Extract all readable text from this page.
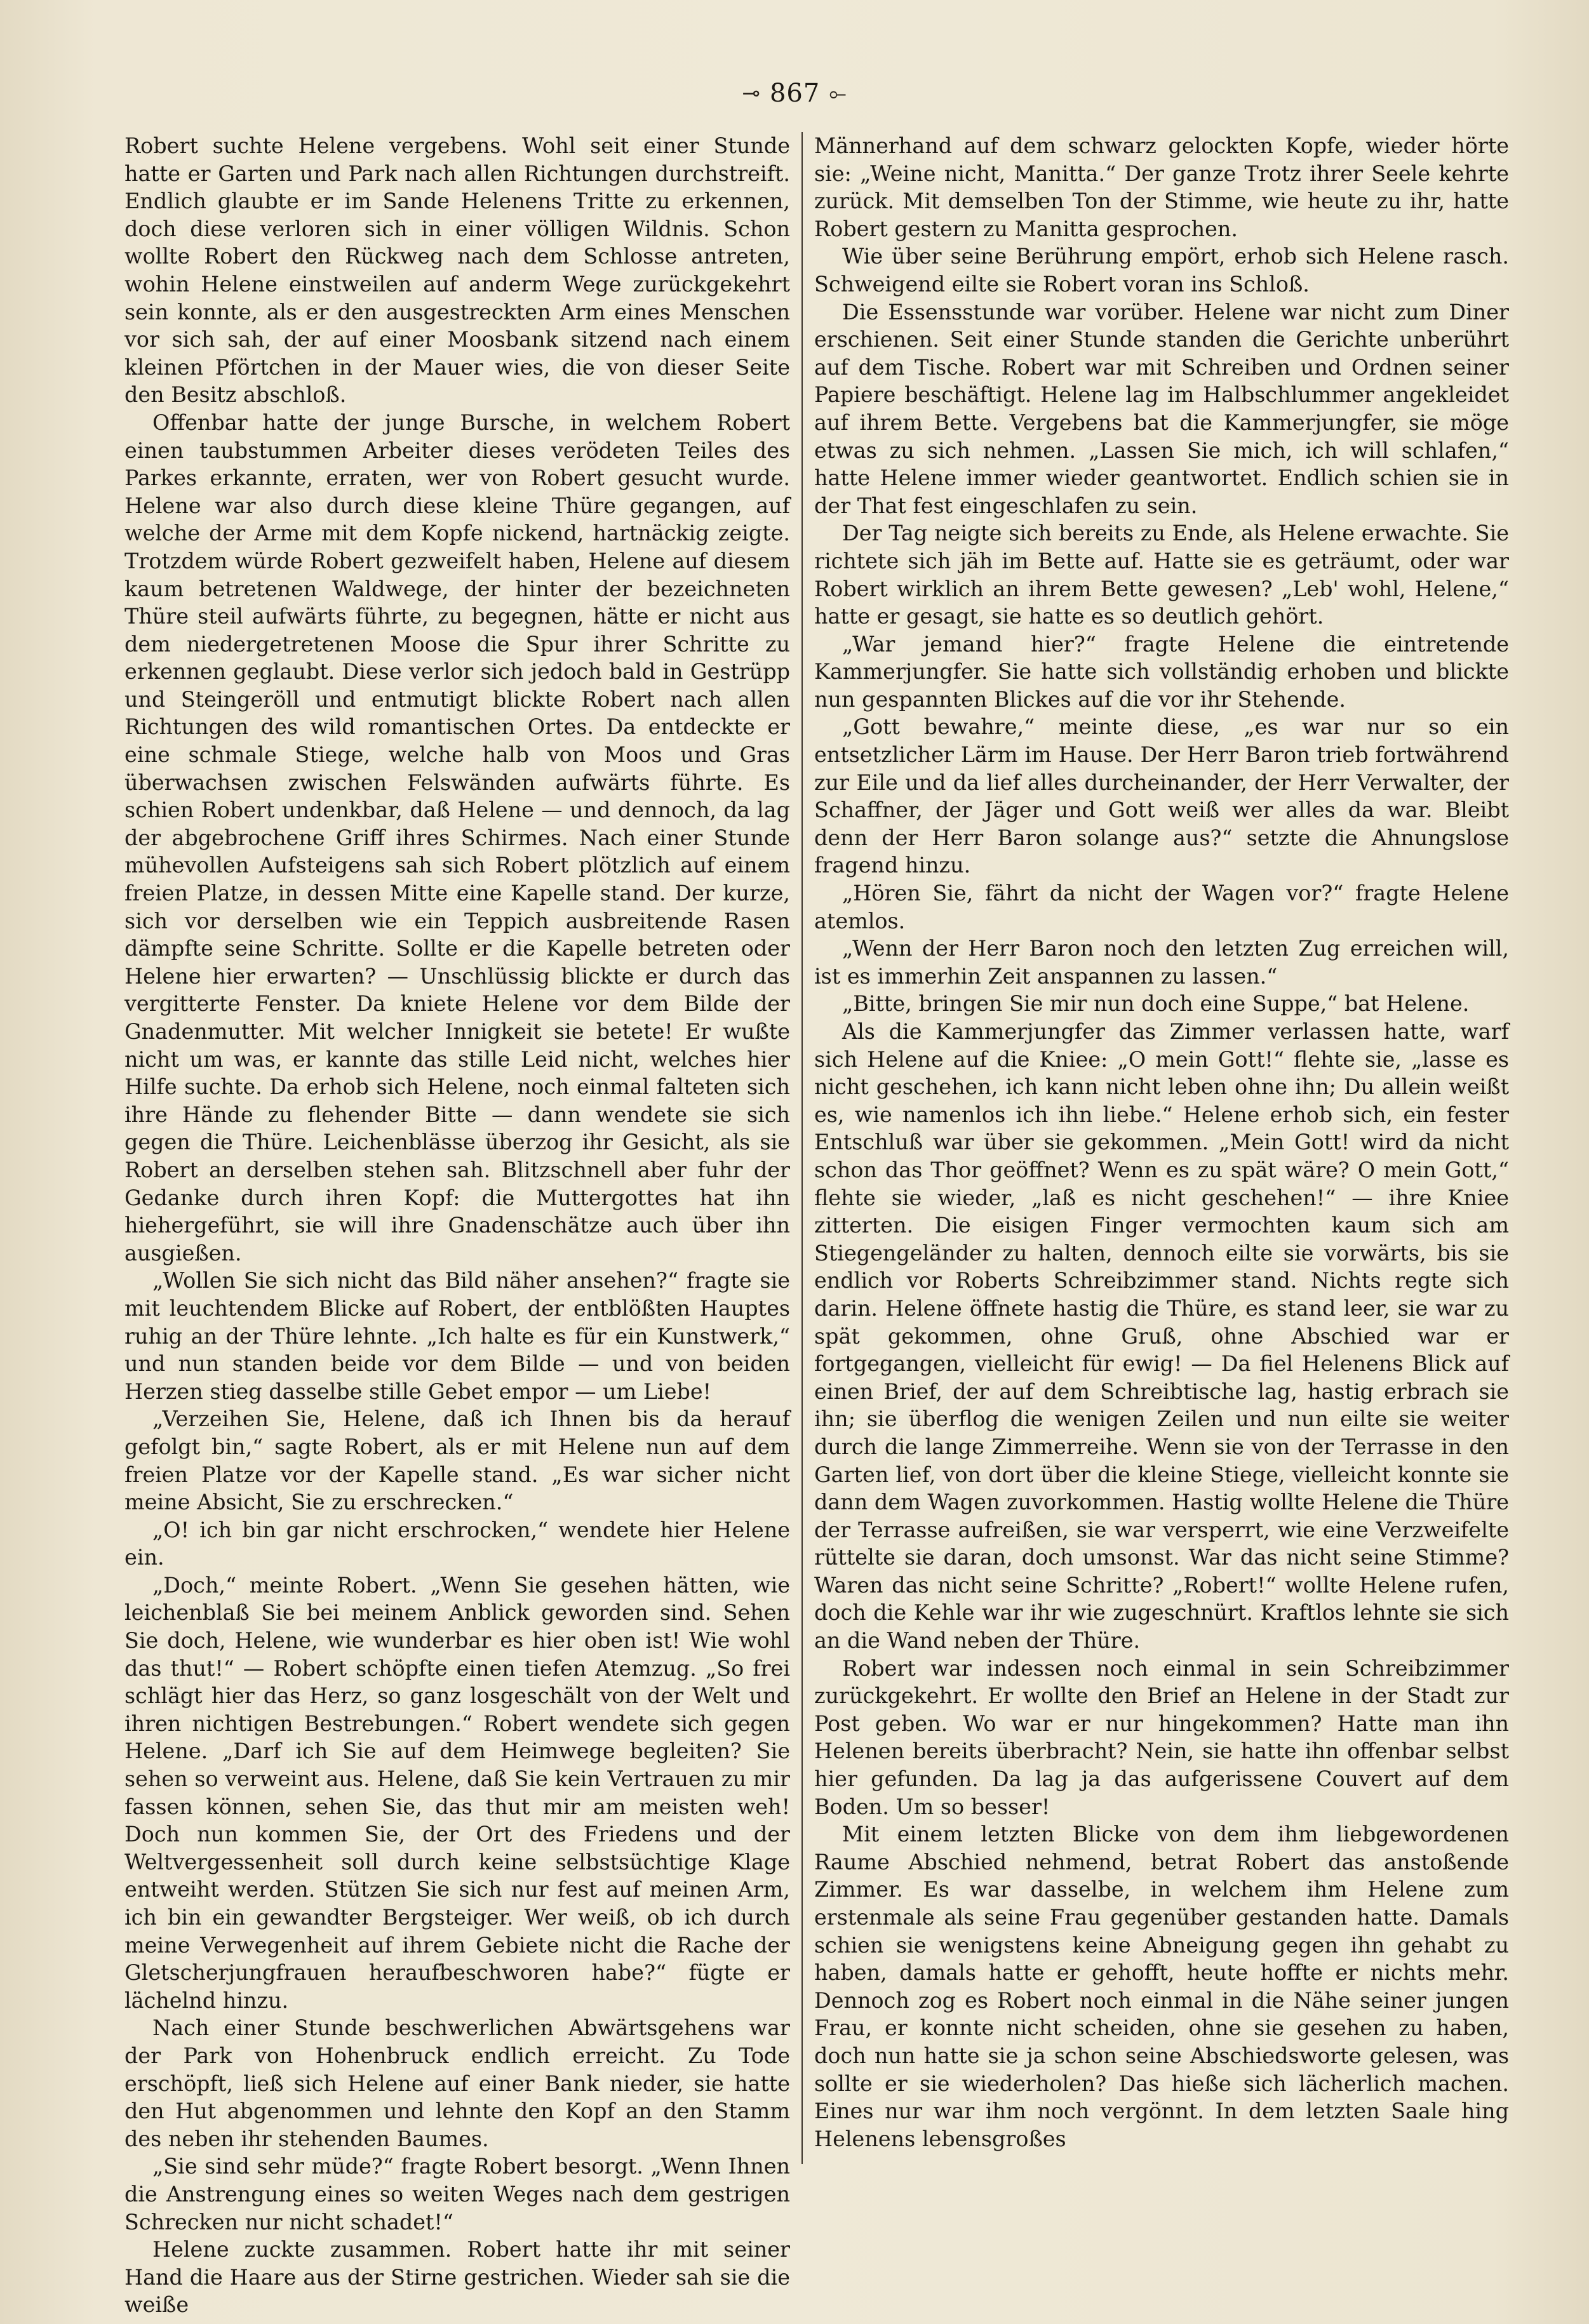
⊸ 867 ⟜

Robert suchte Helene vergebens. Wohl seit einer Stunde hatte er Garten und Park nach allen Richtungen durchstreift. Endlich glaubte er im Sande Helenens Tritte zu erkennen, doch diese verloren sich in einer völligen Wildnis. Schon wollte Robert den Rückweg nach dem Schlosse antreten, wohin Helene einstweilen auf anderm Wege zurückgekehrt sein konnte, als er den ausgestreckten Arm eines Menschen vor sich sah, der auf einer Moosbank sitzend nach einem kleinen Pförtchen in der Mauer wies, die von dieser Seite den Besitz abschloß.

Offenbar hatte der junge Bursche, in welchem Robert einen taubstummen Arbeiter dieses verödeten Teiles des Parkes erkannte, erraten, wer von Robert gesucht wurde. Helene war also durch diese kleine Thüre gegangen, auf welche der Arme mit dem Kopfe nickend, hartnäckig zeigte. Trotzdem würde Robert gezweifelt haben, Helene auf diesem kaum betretenen Waldwege, der hinter der bezeichneten Thüre steil aufwärts führte, zu begegnen, hätte er nicht aus dem niedergetretenen Moose die Spur ihrer Schritte zu erkennen geglaubt. Diese verlor sich jedoch bald in Gestrüpp und Steingeröll und entmutigt blickte Robert nach allen Richtungen des wild romantischen Ortes. Da entdeckte er eine schmale Stiege, welche halb von Moos und Gras überwachsen zwischen Felswänden aufwärts führte. Es schien Robert undenkbar, daß Helene — und dennoch, da lag der abgebrochene Griff ihres Schirmes. Nach einer Stunde mühevollen Aufsteigens sah sich Robert plötzlich auf einem freien Platze, in dessen Mitte eine Kapelle stand. Der kurze, sich vor derselben wie ein Teppich ausbreitende Rasen dämpfte seine Schritte. Sollte er die Kapelle betreten oder Helene hier erwarten? — Unschlüssig blickte er durch das vergitterte Fenster. Da kniete Helene vor dem Bilde der Gnadenmutter. Mit welcher Innigkeit sie betete! Er wußte nicht um was, er kannte das stille Leid nicht, welches hier Hilfe suchte. Da erhob sich Helene, noch einmal falteten sich ihre Hände zu flehender Bitte — dann wendete sie sich gegen die Thüre. Leichenblässe überzog ihr Gesicht, als sie Robert an derselben stehen sah. Blitzschnell aber fuhr der Gedanke durch ihren Kopf: die Muttergottes hat ihn hiehergeführt, sie will ihre Gnadenschätze auch über ihn ausgießen.

„Wollen Sie sich nicht das Bild näher ansehen?“ fragte sie mit leuchtendem Blicke auf Robert, der entblößten Hauptes ruhig an der Thüre lehnte. „Ich halte es für ein Kunstwerk,“ und nun standen beide vor dem Bilde — und von beiden Herzen stieg dasselbe stille Gebet empor — um Liebe!

„Verzeihen Sie, Helene, daß ich Ihnen bis da herauf gefolgt bin,“ sagte Robert, als er mit Helene nun auf dem freien Platze vor der Kapelle stand. „Es war sicher nicht meine Absicht, Sie zu erschrecken.“

„O! ich bin gar nicht erschrocken,“ wendete hier Helene ein.

„Doch,“ meinte Robert. „Wenn Sie gesehen hätten, wie leichenblaß Sie bei meinem Anblick geworden sind. Sehen Sie doch, Helene, wie wunderbar es hier oben ist! Wie wohl das thut!“ — Robert schöpfte einen tiefen Atemzug. „So frei schlägt hier das Herz, so ganz losgeschält von der Welt und ihren nichtigen Bestrebungen.“ Robert wendete sich gegen Helene. „Darf ich Sie auf dem Heimwege begleiten? Sie sehen so verweint aus. Helene, daß Sie kein Vertrauen zu mir fassen können, sehen Sie, das thut mir am meisten weh! Doch nun kommen Sie, der Ort des Friedens und der Weltvergessenheit soll durch keine selbstsüchtige Klage entweiht werden. Stützen Sie sich nur fest auf meinen Arm, ich bin ein gewandter Bergsteiger. Wer weiß, ob ich durch meine Verwegenheit auf ihrem Gebiete nicht die Rache der Gletscherjungfrauen heraufbeschworen habe?“ fügte er lächelnd hinzu.

Nach einer Stunde beschwerlichen Abwärtsgehens war der Park von Hohenbruck endlich erreicht. Zu Tode erschöpft, ließ sich Helene auf einer Bank nieder, sie hatte den Hut abgenommen und lehnte den Kopf an den Stamm des neben ihr stehenden Baumes.

„Sie sind sehr müde?“ fragte Robert besorgt. „Wenn Ihnen die Anstrengung eines so weiten Weges nach dem gestrigen Schrecken nur nicht schadet!“

Helene zuckte zusammen. Robert hatte ihr mit seiner Hand die Haare aus der Stirne gestrichen. Wieder sah sie die weiße

Männerhand auf dem schwarz gelockten Kopfe, wieder hörte sie: „Weine nicht, Manitta.“ Der ganze Trotz ihrer Seele kehrte zurück. Mit demselben Ton der Stimme, wie heute zu ihr, hatte Robert gestern zu Manitta gesprochen.

Wie über seine Berührung empört, erhob sich Helene rasch. Schweigend eilte sie Robert voran ins Schloß.

Die Essensstunde war vorüber. Helene war nicht zum Diner erschienen. Seit einer Stunde standen die Gerichte unberührt auf dem Tische. Robert war mit Schreiben und Ordnen seiner Papiere beschäftigt. Helene lag im Halbschlummer angekleidet auf ihrem Bette. Vergebens bat die Kammerjungfer, sie möge etwas zu sich nehmen. „Lassen Sie mich, ich will schlafen,“ hatte Helene immer wieder geantwortet. Endlich schien sie in der That fest eingeschlafen zu sein.

Der Tag neigte sich bereits zu Ende, als Helene erwachte. Sie richtete sich jäh im Bette auf. Hatte sie es geträumt, oder war Robert wirklich an ihrem Bette gewesen? „Leb' wohl, Helene,“ hatte er gesagt, sie hatte es so deutlich gehört.

„War jemand hier?“ fragte Helene die eintretende Kammerjungfer. Sie hatte sich vollständig erhoben und blickte nun gespannten Blickes auf die vor ihr Stehende.

„Gott bewahre,“ meinte diese, „es war nur so ein entsetzlicher Lärm im Hause. Der Herr Baron trieb fortwährend zur Eile und da lief alles durcheinander, der Herr Verwalter, der Schaffner, der Jäger und Gott weiß wer alles da war. Bleibt denn der Herr Baron solange aus?“ setzte die Ahnungslose fragend hinzu.

„Hören Sie, fährt da nicht der Wagen vor?“ fragte Helene atemlos.

„Wenn der Herr Baron noch den letzten Zug erreichen will, ist es immerhin Zeit anspannen zu lassen.“

„Bitte, bringen Sie mir nun doch eine Suppe,“ bat Helene.

Als die Kammerjungfer das Zimmer verlassen hatte, warf sich Helene auf die Kniee: „O mein Gott!“ flehte sie, „lasse es nicht geschehen, ich kann nicht leben ohne ihn; Du allein weißt es, wie namenlos ich ihn liebe.“ Helene erhob sich, ein fester Entschluß war über sie gekommen. „Mein Gott! wird da nicht schon das Thor geöffnet? Wenn es zu spät wäre? O mein Gott,“ flehte sie wieder, „laß es nicht geschehen!“ — ihre Kniee zitterten. Die eisigen Finger vermochten kaum sich am Stiegengeländer zu halten, dennoch eilte sie vorwärts, bis sie endlich vor Roberts Schreibzimmer stand. Nichts regte sich darin. Helene öffnete hastig die Thüre, es stand leer, sie war zu spät gekommen, ohne Gruß, ohne Abschied war er fortgegangen, vielleicht für ewig! — Da fiel Helenens Blick auf einen Brief, der auf dem Schreibtische lag, hastig erbrach sie ihn; sie überflog die wenigen Zeilen und nun eilte sie weiter durch die lange Zimmerreihe. Wenn sie von der Terrasse in den Garten lief, von dort über die kleine Stiege, vielleicht konnte sie dann dem Wagen zuvorkommen. Hastig wollte Helene die Thüre der Terrasse aufreißen, sie war versperrt, wie eine Verzweifelte rüttelte sie daran, doch umsonst. War das nicht seine Stimme? Waren das nicht seine Schritte? „Robert!“ wollte Helene rufen, doch die Kehle war ihr wie zugeschnürt. Kraftlos lehnte sie sich an die Wand neben der Thüre.

Robert war indessen noch einmal in sein Schreibzimmer zurückgekehrt. Er wollte den Brief an Helene in der Stadt zur Post geben. Wo war er nur hingekommen? Hatte man ihn Helenen bereits überbracht? Nein, sie hatte ihn offenbar selbst hier gefunden. Da lag ja das aufgerissene Couvert auf dem Boden. Um so besser!

Mit einem letzten Blicke von dem ihm liebgewordenen Raume Abschied nehmend, betrat Robert das anstoßende Zimmer. Es war dasselbe, in welchem ihm Helene zum erstenmale als seine Frau gegenüber gestanden hatte. Damals schien sie wenigstens keine Abneigung gegen ihn gehabt zu haben, damals hatte er gehofft, heute hoffte er nichts mehr. Dennoch zog es Robert noch einmal in die Nähe seiner jungen Frau, er konnte nicht scheiden, ohne sie gesehen zu haben, doch nun hatte sie ja schon seine Abschiedsworte gelesen, was sollte er sie wiederholen? Das hieße sich lächerlich machen. Eines nur war ihm noch vergönnt. In dem letzten Saale hing Helenens lebensgroßes
